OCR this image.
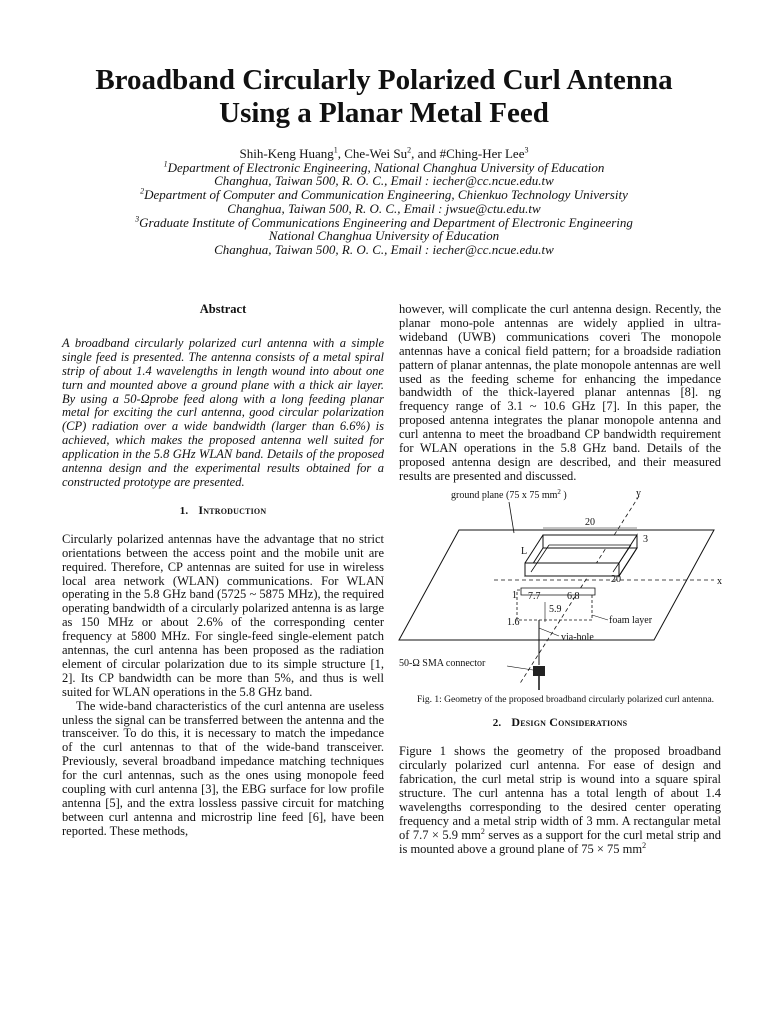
Broadband Circularly Polarized Curl Antenna
Using a Planar Metal Feed

Shih-Keng Huang$^1$, Che-Wei Su$^2$, and #Ching-Her Lee$^3$

$^1$Department of Electronic Engineering, National Changhua University of Education

Changhua, Taiwan 500, R. O. C., Email : iecher@cc.ncue.edu.tw

$^2$Department of Computer and Communication Engineering, Chienkuo Technology University

Changhua, Taiwan 500, R. O. C., Email : jwsue@ctu.edu.tw

$^3$Graduate Institute of Communications Engineering and Department of Electronic Engineering

National Changhua University of Education

Changhua, Taiwan 500, R. O. C., Email : iecher@cc.ncue.edu.tw

Abstract

A broadband circularly polarized curl antenna with a simple single feed is presented. The antenna consists of a metal spiral strip of about 1.4 wavelengths in length wound into about one turn and mounted above a ground plane with a thick air layer. By using a 50-Ωprobe feed along with a long feeding planar metal for exciting the curl antenna, good circular polarization (CP) radiation over a wide bandwidth (larger than 6.6%) is achieved, which makes the proposed antenna well suited for application in the 5.8 GHz WLAN band. Details of the proposed antenna design and the experimental results obtained for a constructed prototype are presented.

1. Introduction

Circularly polarized antennas have the advantage that no strict orientations between the access point and the mobile unit are required. Therefore, CP antennas are suited for use in wireless local area network (WLAN) communications. For WLAN operating in the 5.8 GHz band (5725 ~ 5875 MHz), the required operating bandwidth of a circularly polarized antenna is as large as 150 MHz or about 2.6% of the corresponding center frequency at 5800 MHz. For single-feed single-element patch antennas, the curl antenna has been proposed as the radiation element of circular polarization due to its simple structure [1, 2]. Its CP bandwidth can be more than 5%, and thus is well suited for WLAN operations in the 5.8 GHz band.

The wide-band characteristics of the curl antenna are useless unless the signal can be transferred between the antenna and the transceiver. To do this, it is necessary to match the impedance of the curl antennas to that of the wide-band transceiver. Previously, several broadband impedance matching techniques for the curl antennas, such as the ones using monopole feed coupling with curl antenna [3], the EBG surface for low profile antenna [5], and the extra lossless passive circuit for matching between curl antenna and microstrip line feed [6], have been reported. These methods,

however, will complicate the curl antenna design. Recently, the planar mono-pole antennas are widely applied in ultra-wideband (UWB) communications coveri The monopole antennas have a conical field pattern; for a broadside radiation pattern of planar antennas, the plate monopole antennas are well used as the feeding scheme for enhancing the impedance bandwidth of the thick-layered planar antennas [8]. ng frequency range of 3.1 ~ 10.6 GHz [7]. In this paper, the proposed antenna integrates the planar monopole antenna and curl antenna to meet the broadband CP bandwidth requirement for WLAN operations in the 5.8 GHz band. Details of the proposed antenna design are described, and their measured results are presented and discussed.

ground plane (75 x 75 $mm^2$ )	y
x
20
3
L
20
1 7.7	6.8
5.9
1.6	foam layer
via-hole
50-Ω SMA connector

Fig. 1: Geometry of the proposed broadband circularly polarized curl antenna.

2. Design Considerations

Figure 1 shows the geometry of the proposed broadband circularly polarized curl antenna. For ease of design and fabrication, the curl metal strip is wound into a square spiral structure. The curl antenna has a total length of about 1.4 wavelengths corresponding to the desired center operating frequency and a metal strip width of 3 mm. A rectangular metal of 7.7 × 5.9 $mm^2$ serves as a support for the curl metal strip and is mounted above a ground plane of 75 × 75 $mm^2$
